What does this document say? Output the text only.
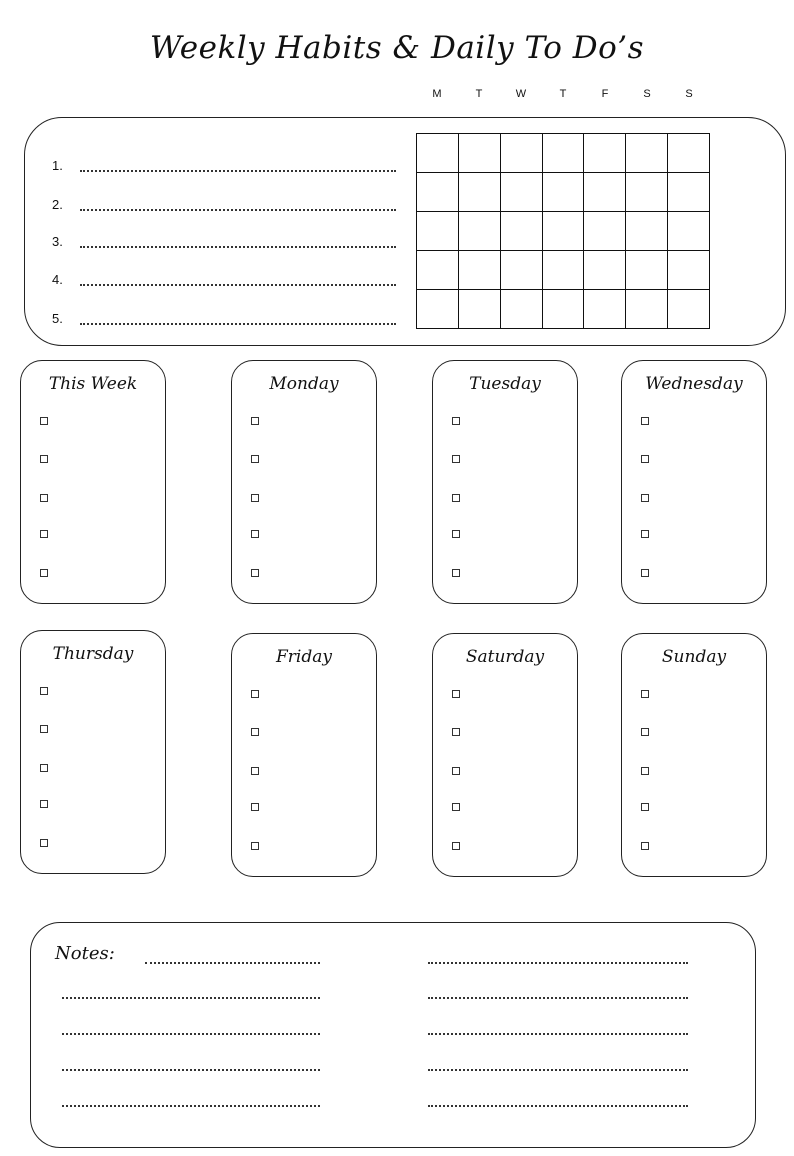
Weekly Habits & Daily To Do’s
M	T	W	T	F	S	S
1.
2.
3.
4.
5.

This Week	Monday	Tuesday	Wednesday
Thursday	Friday	Saturday	Sunday
Notes:
